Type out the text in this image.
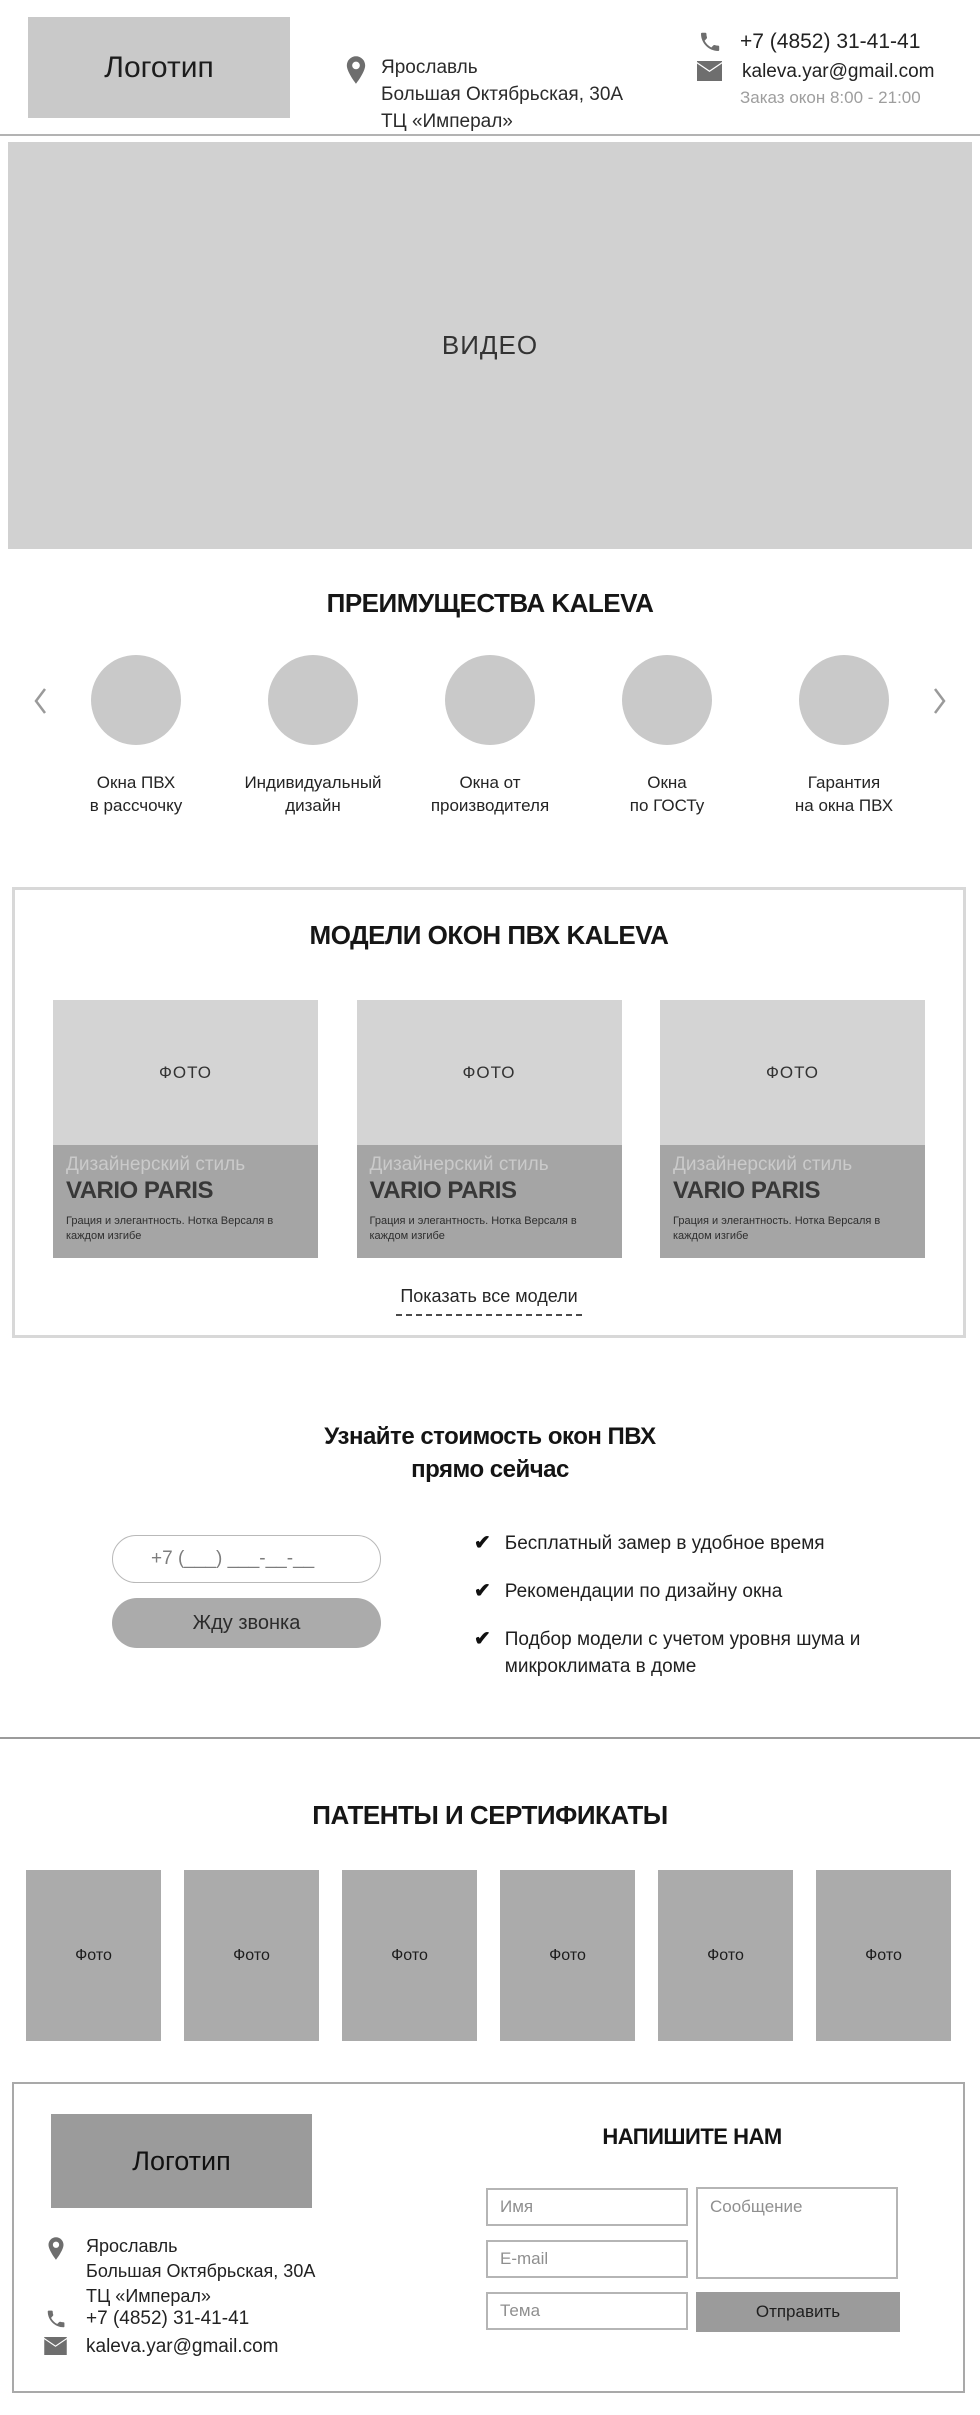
Логотип	Ярославль
Большая Октябрьская, 30А
ТЦ «Имперал»
+7 (4852) 31-41-41
kaleva.yar@gmail.com
Заказ окон 8:00 - 21:00
ВИДЕО
ПРЕИМУЩЕСТВА KALEVA
Окна ПВХ
в рассчочку
Индивидуальный
дизайн
Окна от
производителя
Окна
по ГОСТу
Гарантия
на окна ПВХ
МОДЕЛИ ОКОН ПВХ KALEVA
ФОТО
Дизайнерский стиль
VARIO PARIS
Грация и элегантность. Нотка Версаля в каждом изгибе
ФОТО
Дизайнерский стиль
VARIO PARIS
Грация и элегантность. Нотка Версаля в каждом изгибе
ФОТО
Дизайнерский стиль
VARIO PARIS
Грация и элегантность. Нотка Версаля в каждом изгибе
Показать все модели
Узнайте стоимость окон ПВХ
прямо сейчас
+7 (___) ___-__-__
Жду звонка
✔ Бесплатный замер в удобное время
✔ Рекомендации по дизайну окна
✔ Подбор модели с учетом уровня шума и микроклимата в доме
ПАТЕНТЫ И СЕРТИФИКАТЫ
Фото	Фото	Фото	Фото	Фото	Фото
Логотип
Ярославль
Большая Октябрьская, 30А
ТЦ «Имперал»
+7 (4852) 31-41-41
kaleva.yar@gmail.com
НАПИШИТЕ НАМ
Имя
E-mail
Тема
Сообщение
Отправить
